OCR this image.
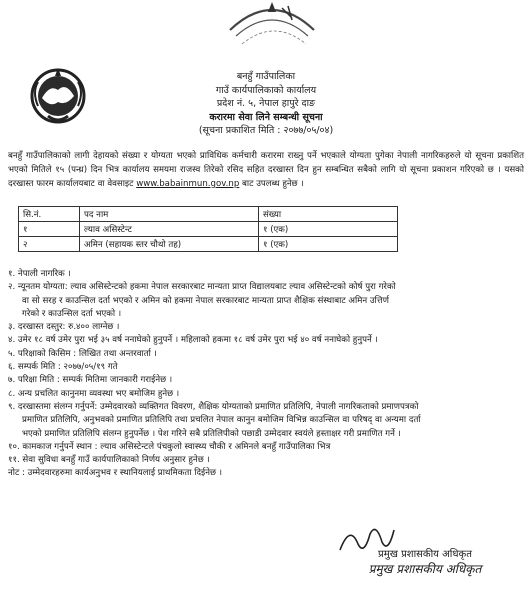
बनहुँ गाउँपालिका
गाउँ कार्यपालिकाको कार्यालय
प्रदेश नं. ५, नेपाल हापुरे दाङ
करारमा सेवा लिने सम्बन्धी सूचना
(सूचना प्रकाशित मिति : २०७७/०५/०४)
बनहुँ गाउँपालिकाको लागी देहायको संख्या र योग्यता भएको प्राविधिक कर्मचारी करारमा राख्नु पर्ने भएकाले योग्यता पुगेका नेपाली नागरिकहरुले यो सूचना प्रकाशित भएको मितिले १५ (पन्ध्र) दिन भित्र कार्यालय समयमा राजस्व तिरेको रसिद सहित दरखास्त दिन हुन सम्बन्धित सबैको लागि यो सूचना प्रकाशन गरिएको छ । यसको दरखास्त फारम कार्यालयबाट वा वेवसाइट www.babainmun.gov.np बाट उपलब्ध हुनेछ ।
सि.नं.	पद नाम	संख्या
१	ल्याव असिस्टेन्ट	१ (एक)
२	अमिन (सहायक स्तर चौथो तह)	१ (एक)
१. नेपाली नागरिक ।
२. न्यूनतम योग्यता: ल्याव असिस्टेन्टको हकमा नेपाल सरकारबाट मान्यता प्राप्त विद्यालयबाट ल्याव असिस्टेन्टको कोर्ष पुरा गरेको
वा सो सरह र काउन्सिल दर्ता भएको र अमिन को हकमा नेपाल सरकारबाट मान्यता प्राप्त शैक्षिक संस्थाबाट अमिन उत्तिर्ण
गरेको र काउन्सिल दर्ता भएको ।
३. दरखास्त दस्तुर: रु.४०० लाग्नेछ ।
४. उमेर १८ वर्ष उमेर पुरा भई ३५ वर्ष ननाघेको हुनुपर्ने । महिलाको हकमा १८ वर्ष उमेर पुरा भई ४० वर्ष ननाघेको हुनुपर्ने ।
५. परिक्षाको किसिम : लिखित तथा अन्तरवार्ता ।
६. सम्पर्क मिति : २०७७/०५/१९ गते
७. परिक्षा मिति : सम्पर्क मितिमा जानकारी गराईनेछ ।
८. अन्य प्रचलित कानुनमा व्यवस्था भए बमोजिम हुनेछ ।
९. दरखास्तमा संलग्न गर्नुपर्ने: उम्मेदवारको व्यक्तिगत विवरण, शैक्षिक योग्यताको प्रमाणित प्रतिलिपि, नेपाली नागरिकताको प्रमाणपत्रको
प्रमाणित प्रतिलिपि, अनुभवको प्रमाणित प्रतिलिपि तथा प्रचलित नेपाल कानुन बमोजिम विभिन्न काउन्सिल वा परिषद् वा अन्यमा दर्ता
भएको प्रमाणित प्रतिलिपि संलग्न हुनुपर्नेछ । पेश गरिने सबै प्रतिलिपीको पछाडी उम्मेदवार स्वयंले हस्ताक्षर गरी प्रमाणित गर्ने ।
१०. कामकाज गर्नुपर्ने स्थान : ल्याव असिस्टेन्टले पंचकुलो स्वास्थ्य चौकी र अमिनले बनहुँ गाउँपालिका भित्र
११. सेवा सुविधा बनहुँ गाउँ कार्यपालिकाको निर्णय अनुसार हुनेछ ।
नोट : उम्मेदवारहरुमा कार्यअनुभव र स्थानियलाई प्राथमिकता दिईनेछ ।
प्रमुख प्रशासकीय अधिकृत
प्रमुख प्रशासकीय अधिकृत
